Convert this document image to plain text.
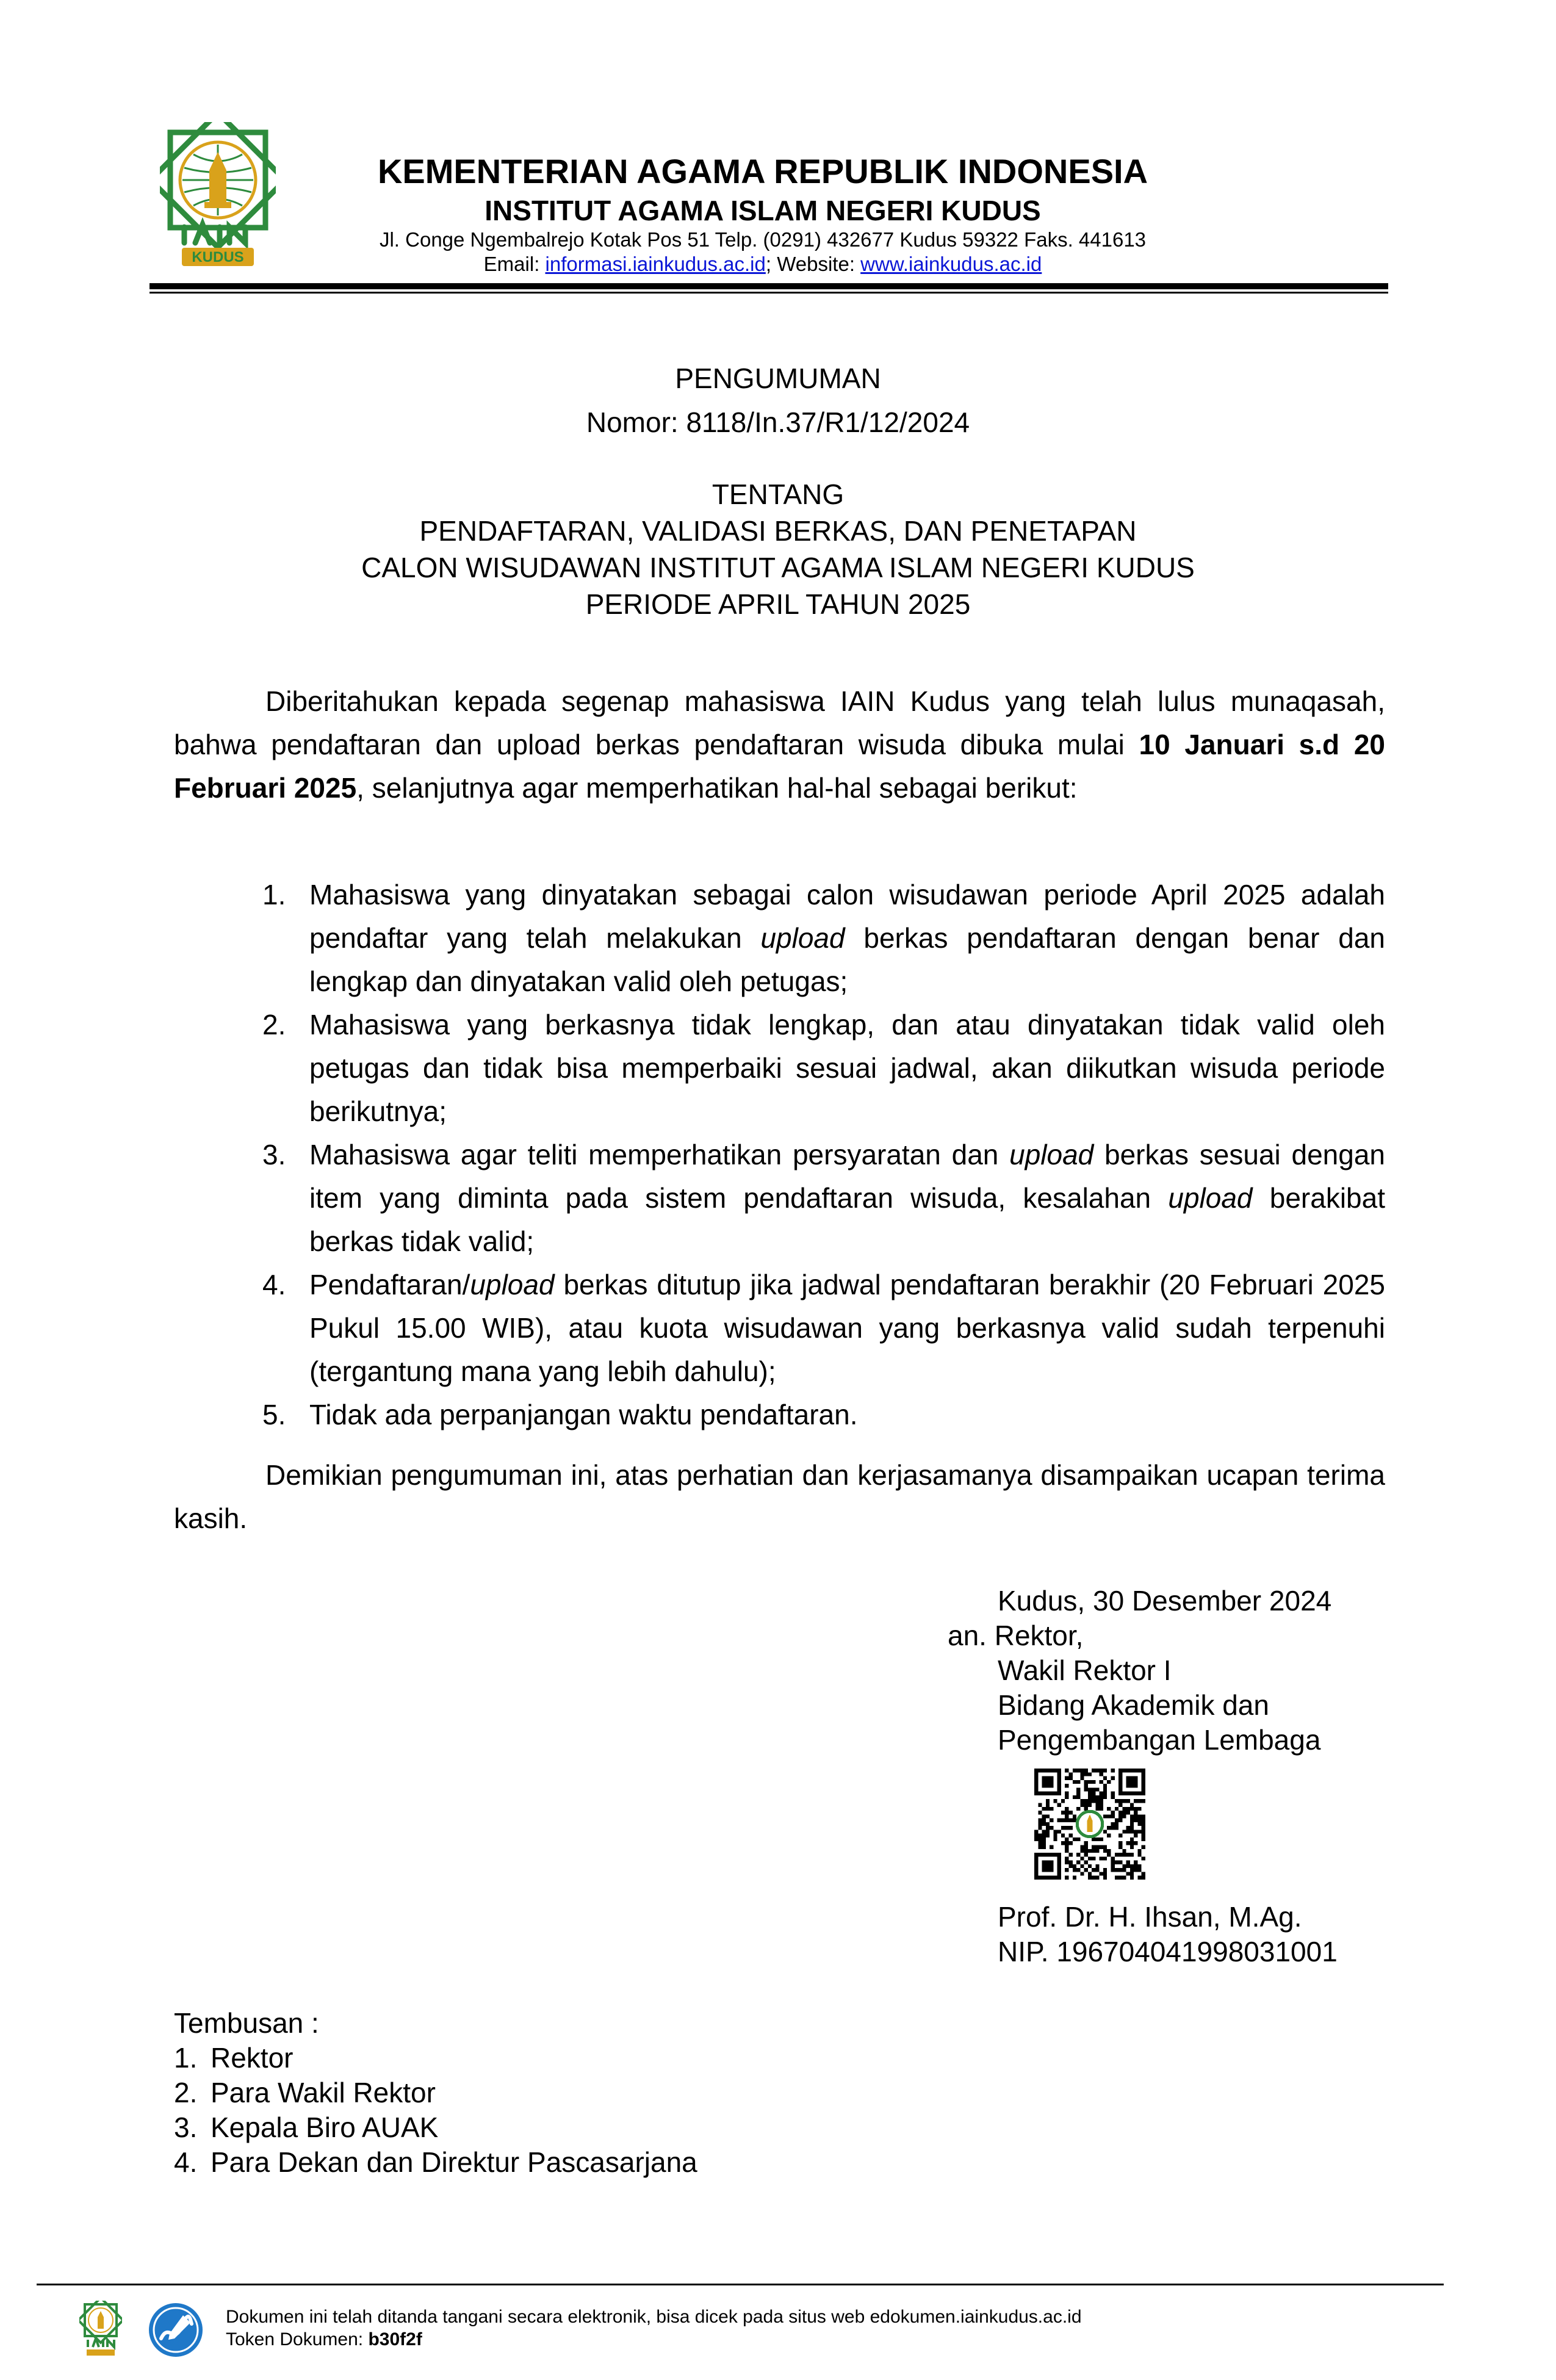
KUDUS
KEMENTERIAN AGAMA REPUBLIK INDONESIA
INSTITUT AGAMA ISLAM NEGERI KUDUS
Jl. Conge Ngembalrejo Kotak Pos 51 Telp. (0291) 432677 Kudus 59322 Faks. 441613
Email: informasi.iainkudus.ac.id; Website: www.iainkudus.ac.id
PENGUMUMAN
Nomor: 8118/In.37/R1/12/2024
TENTANG
PENDAFTARAN, VALIDASI BERKAS, DAN PENETAPAN
CALON WISUDAWAN INSTITUT AGAMA ISLAM NEGERI KUDUS
PERIODE APRIL TAHUN 2025
Diberitahukan kepada segenap mahasiswa IAIN Kudus yang telah lulus munaqasah, bahwa pendaftaran dan upload berkas pendaftaran wisuda dibuka mulai 10 Januari s.d 20 Februari 2025, selanjutnya agar memperhatikan hal-hal sebagai berikut:
1. Mahasiswa yang dinyatakan sebagai calon wisudawan periode April 2025 adalah pendaftar yang telah melakukan upload berkas pendaftaran dengan benar dan lengkap dan dinyatakan valid oleh petugas;
2. Mahasiswa yang berkasnya tidak lengkap, dan atau dinyatakan tidak valid oleh petugas dan tidak bisa memperbaiki sesuai jadwal, akan diikutkan wisuda periode berikutnya;
3. Mahasiswa agar teliti memperhatikan persyaratan dan upload berkas sesuai dengan item yang diminta pada sistem pendaftaran wisuda, kesalahan upload berakibat berkas tidak valid;
4. Pendaftaran/upload berkas ditutup jika jadwal pendaftaran berakhir (20 Februari 2025 Pukul 15.00 WIB), atau kuota wisudawan yang berkasnya valid sudah terpenuhi (tergantung mana yang lebih dahulu);
5. Tidak ada perpanjangan waktu pendaftaran.
Demikian pengumuman ini, atas perhatian dan kerjasamanya disampaikan ucapan terima kasih.
Kudus, 30 Desember 2024
an. Rektor,
Wakil Rektor I
Bidang Akademik dan
Pengembangan Lembaga
Prof. Dr. H. Ihsan, M.Ag.
NIP. 196704041998031001
Tembusan :
1. Rektor
2. Para Wakil Rektor
3. Kepala Biro AUAK
4. Para Dekan dan Direktur Pascasarjana
Dokumen ini telah ditanda tangani secara elektronik, bisa dicek pada situs web edokumen.iainkudus.ac.id
Token Dokumen: b30f2f
